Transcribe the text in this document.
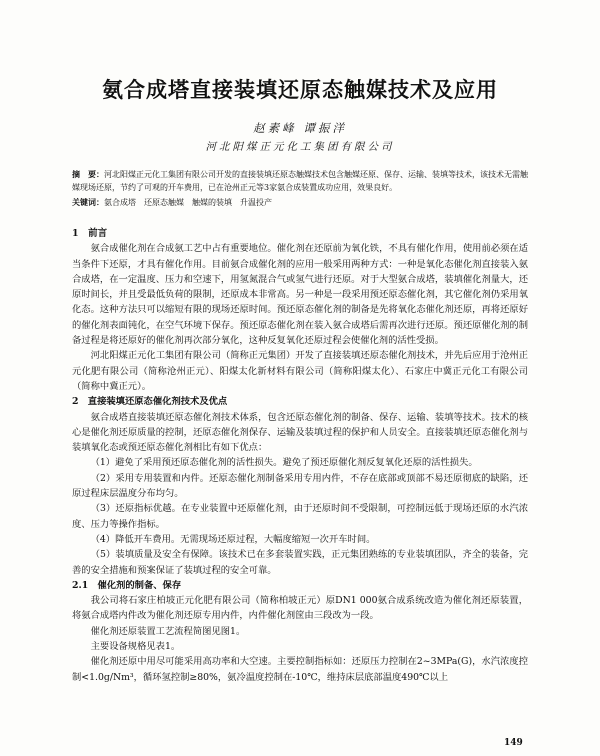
氨合成塔直接装填还原态触媒技术及应用
赵素峰 谭振洋
河北阳煤正元化工集团有限公司
摘　要：河北阳煤正元化工集团有限公司开发的直接装填还原态触媒技术包含触媒还原、保存、运输、装填等技术，该技术无需触媒现场还原，节约了可观的开车费用，已在沧州正元等3家氨合成装置成功应用，效果良好。
关键词：氨合成塔　还原态触媒　触媒的装填　升温投产

1　前言

氨合成催化剂在合成氨工艺中占有重要地位。催化剂在还原前为氧化铁，不具有催化作用，使用前必须在适当条件下还原，才具有催化作用。目前氨合成催化剂的应用一般采用两种方式：一种是氧化态催化剂直接装入氨合成塔，在一定温度、压力和空速下，用氢氮混合气或氢气进行还原。对于大型氨合成塔，装填催化剂量大，还原时间长，并且受最低负荷的限制，还原成本非常高。另一种是一段采用预还原态催化剂，其它催化剂仍采用氧化态。这种方法只可以缩短有限的现场还原时间。预还原态催化剂的制备是先将氧化态催化剂还原，再将还原好的催化剂表面钝化，在空气环境下保存。预还原态催化剂在装入氨合成塔后需再次进行还原。预还原催化剂的制备过程是将还原好的催化剂再次部分氧化，这种反复氧化还原过程会使催化剂的活性受损。

河北阳煤正元化工集团有限公司（简称正元集团）开发了直接装填还原态催化剂技术，并先后应用于沧州正元化肥有限公司（简称沧州正元）、阳煤太化新材料有限公司（简称阳煤太化）、石家庄中冀正元化工有限公司（简称中冀正元）。

2　直接装填还原态催化剂技术及优点

氨合成塔直接装填还原态催化剂技术体系，包含还原态催化剂的制备、保存、运输、装填等技术。技术的核心是催化剂还原质量的控制，还原态催化剂保存、运输及装填过程的保护和人员安全。直接装填还原态催化剂与装填氧化态或预还原态催化剂相比有如下优点：

（1）避免了采用预还原态催化剂的活性损失。避免了预还原催化剂反复氧化还原的活性损失。

（2）采用专用装置和内件。还原态催化剂制备采用专用内件，不存在底部或顶部不易还原彻底的缺陷，还原过程床层温度分布均匀。

（3）还原指标优越。在专业装置中还原催化剂，由于还原时间不受限制，可控制远低于现场还原的水汽浓度、压力等操作指标。

（4）降低开车费用。无需现场还原过程，大幅度缩短一次开车时间。

（5）装填质量及安全有保障。该技术已在多套装置实践，正元集团熟练的专业装填团队，齐全的装备，完善的安全措施和预案保证了装填过程的安全可靠。

2.1　催化剂的制备、保存

我公司将石家庄柏坡正元化肥有限公司（简称柏坡正元）原DN1 000氨合成系统改造为催化剂还原装置，将氨合成塔内件改为催化剂还原专用内件，内件催化剂筐由三段改为一段。

催化剂还原装置工艺流程简图见图1。

主要设备规格见表1。

催化剂还原中用尽可能采用高功率和大空速。主要控制指标如：还原压力控制在2~3MPa(G)，水汽浓度控制<1.0g/Nm³，循环氢控制≥80%，氨冷温度控制在-10℃，维持床层底部温度490℃以上

149
